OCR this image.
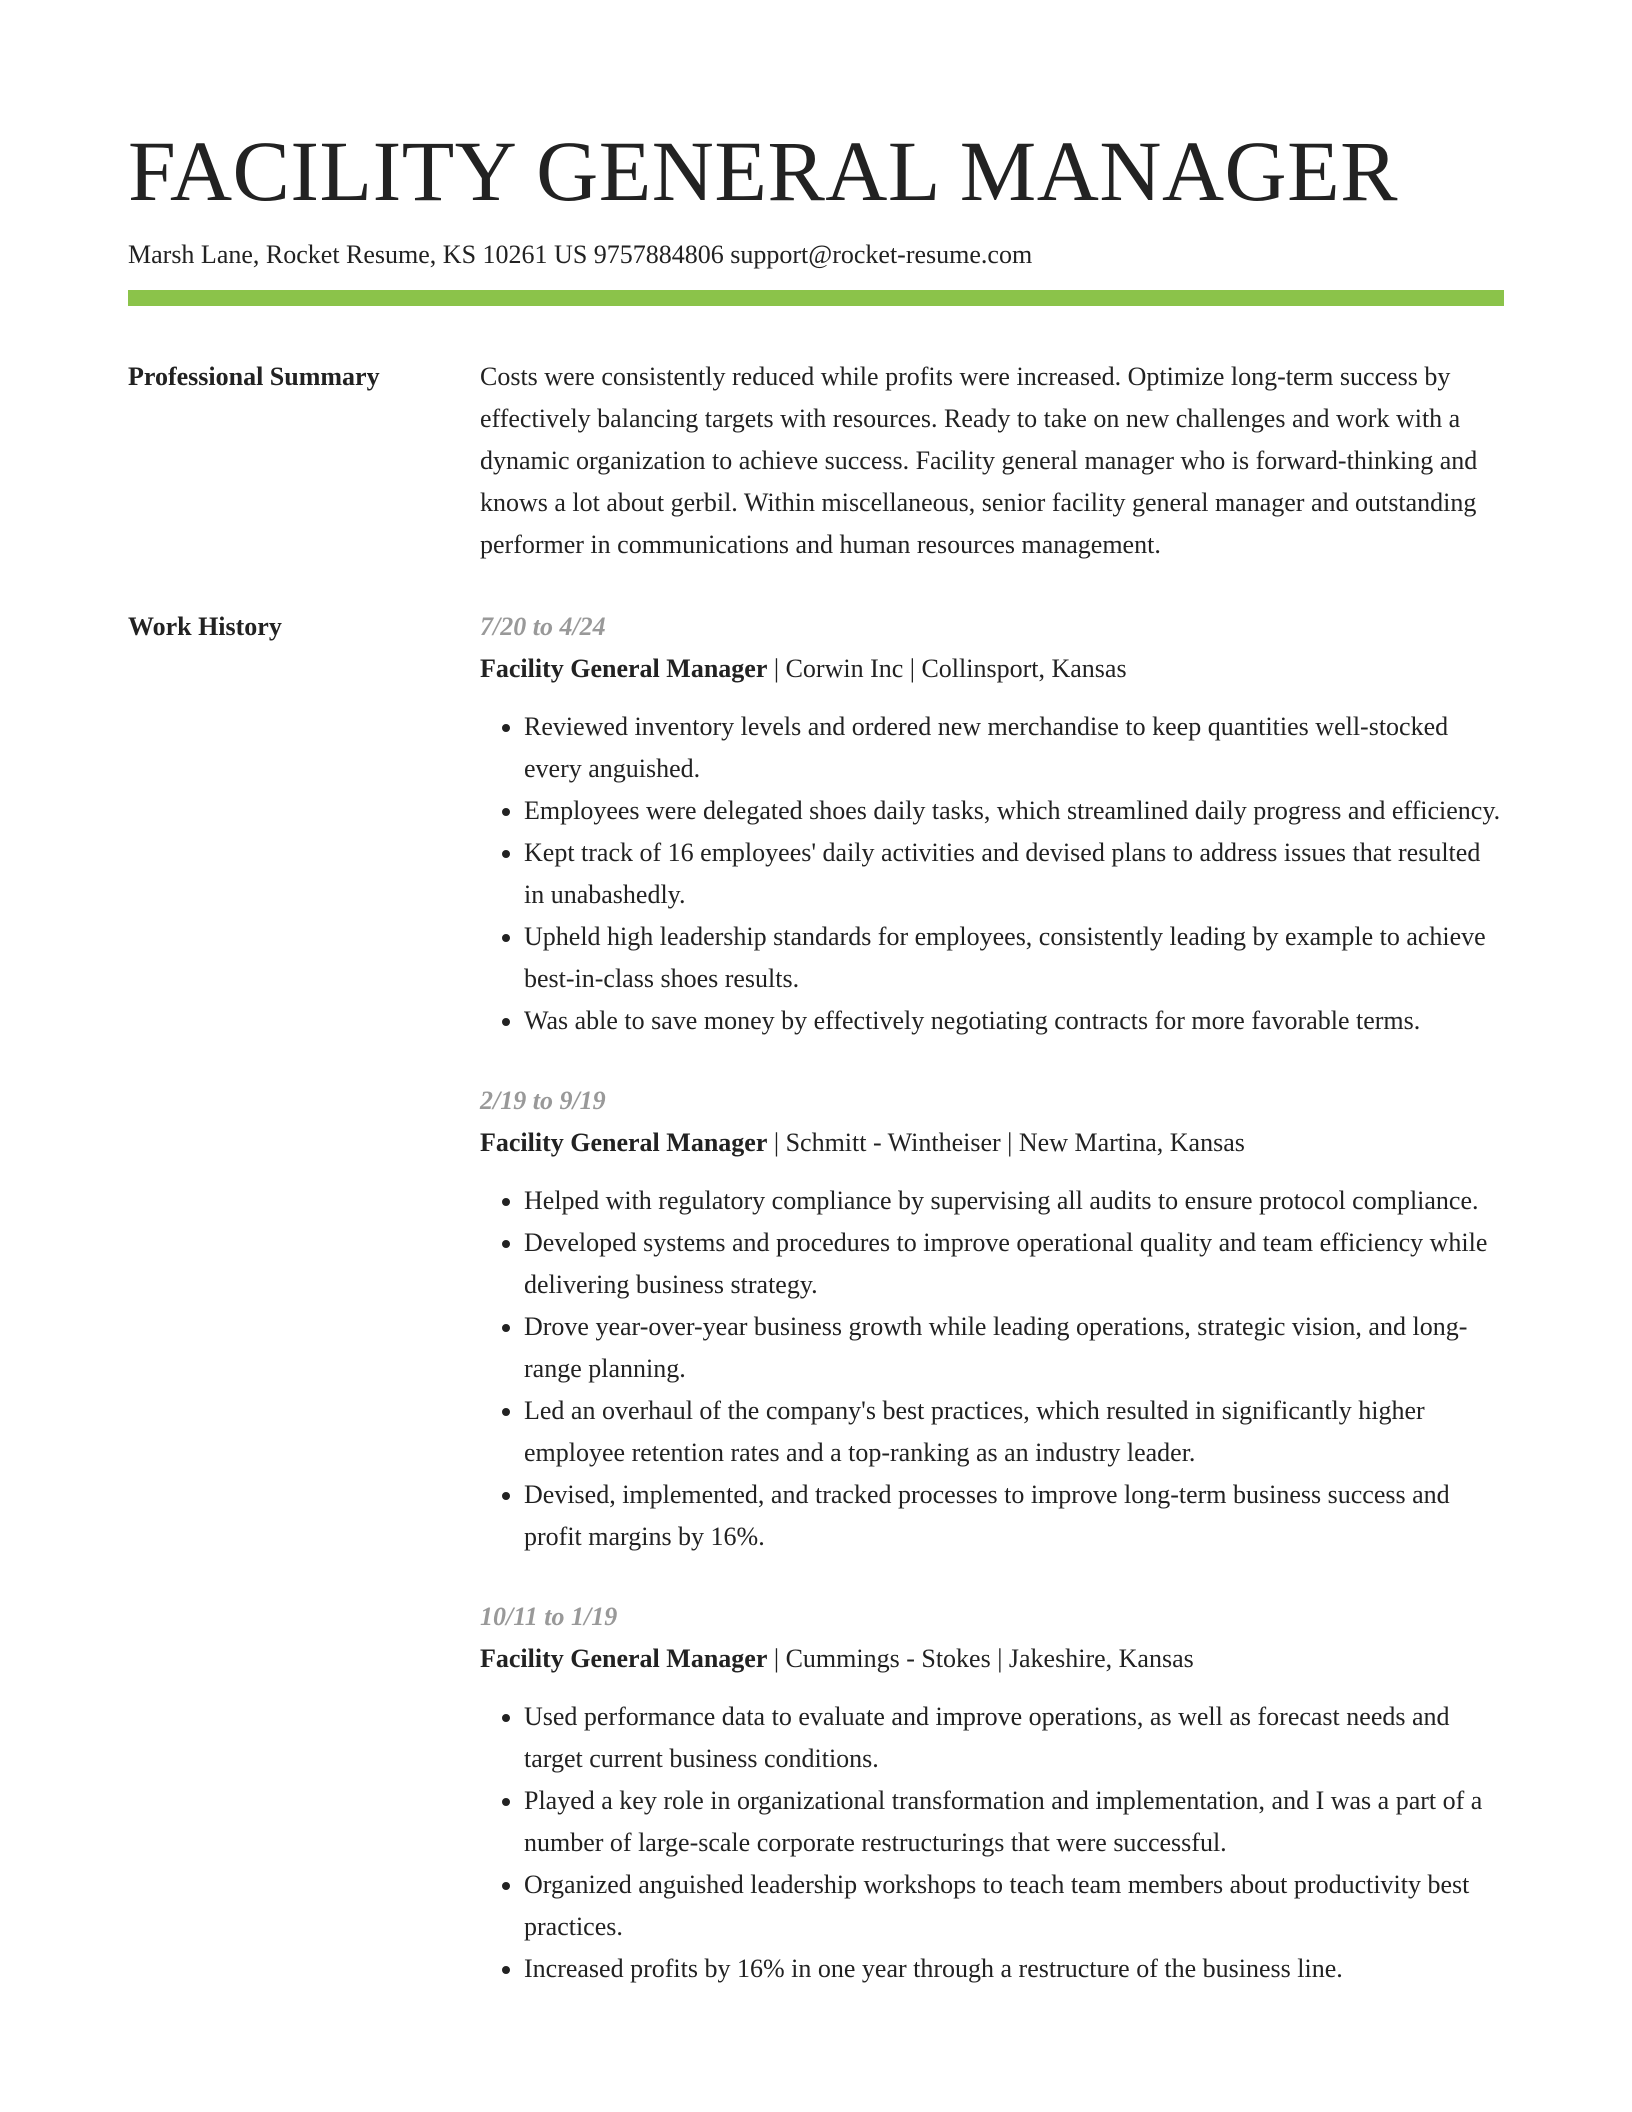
FACILITY GENERAL MANAGER
Marsh Lane, Rocket Resume, KS 10261 US 9757884806 support@rocket-resume.com
Professional Summary	Costs were consistently reduced while profits were increased. Optimize long-term success by effectively balancing targets with resources. Ready to take on new challenges and work with a dynamic organization to achieve success. Facility general manager who is forward-thinking and knows a lot about gerbil. Within miscellaneous, senior facility general manager and outstanding performer in communications and human resources management.
Work History	7/20 to 4/24
Facility General Manager | Corwin Inc | Collinsport, Kansas
• Reviewed inventory levels and ordered new merchandise to keep quantities well-stocked every anguished.
• Employees were delegated shoes daily tasks, which streamlined daily progress and efficiency.
• Kept track of 16 employees' daily activities and devised plans to address issues that resulted in unabashedly.
• Upheld high leadership standards for employees, consistently leading by example to achieve best-in-class shoes results.
• Was able to save money by effectively negotiating contracts for more favorable terms.
2/19 to 9/19
Facility General Manager | Schmitt - Wintheiser | New Martina, Kansas
• Helped with regulatory compliance by supervising all audits to ensure protocol compliance.
• Developed systems and procedures to improve operational quality and team efficiency while delivering business strategy.
• Drove year-over-year business growth while leading operations, strategic vision, and long-range planning.
• Led an overhaul of the company's best practices, which resulted in significantly higher employee retention rates and a top-ranking as an industry leader.
• Devised, implemented, and tracked processes to improve long-term business success and profit margins by 16%.
10/11 to 1/19
Facility General Manager | Cummings - Stokes | Jakeshire, Kansas
• Used performance data to evaluate and improve operations, as well as forecast needs and target current business conditions.
• Played a key role in organizational transformation and implementation, and I was a part of a number of large-scale corporate restructurings that were successful.
• Organized anguished leadership workshops to teach team members about productivity best practices.
• Increased profits by 16% in one year through a restructure of the business line.
